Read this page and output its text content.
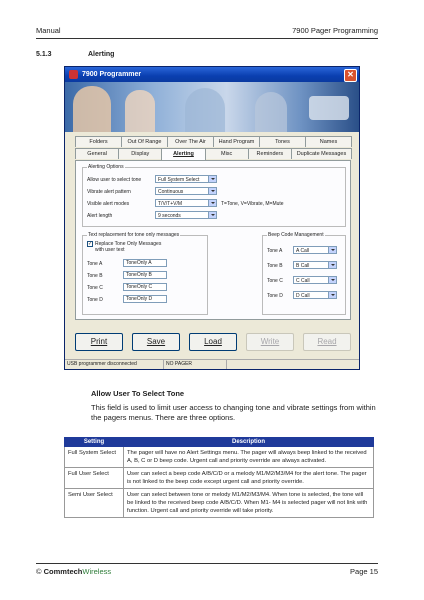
Manual	7900 Pager Programming
5.1.3	Alerting
7900 Programmer	✕
Folders	Out Of Range	Over The Air	Hand Program	Tones	Names
General	Display	Alerting	Misc	Reminders	Duplicate Messages
Alerting Options
Allow user to select tone	Full System Select
Vibrate alert pattern	Continuous
Visible alert modes	T/V/T+V/M	T=Tone, V=Vibrate, M=Mute
Alert length	9 seconds
Text replacement for tone only messages
✓ Replace Tone Only Messages with user text
Tone A	ToneOnly A
Tone B	ToneOnly B
Tone C	ToneOnly C
Tone D	ToneOnly D
Beep Code Management
Tone A	A Call
Tone B	B Call
Tone C	C Call
Tone D	D Call
Print	Save	Load	Write	Read
USB programmer disconnected	NO PAGER
Allow User To Select Tone
This field is used to limit user access to changing tone and vibrate settings from within the pagers menus. There are three options.
Setting	Description
Full System Select	The pager will have no Alert Settings menu. The pager will always beep linked to the received A, B, C or D beep code. Urgent call and priority override are always activated.
Full User Select	User can select a beep code A/B/C/D or a melody M1/M2/M3/M4 for the alert tone. The pager is not linked to the beep code except urgent call and priority override.
Semi User Select	User can select between tone or melody M1/M2/M3/M4. When tone is selected, the tone will be linked to the received beep code A/B/C/D. When M1- M4 is selected pager will not link with function. Urgent call and priority override will take priority.
© CommtechWireless	Page 15
